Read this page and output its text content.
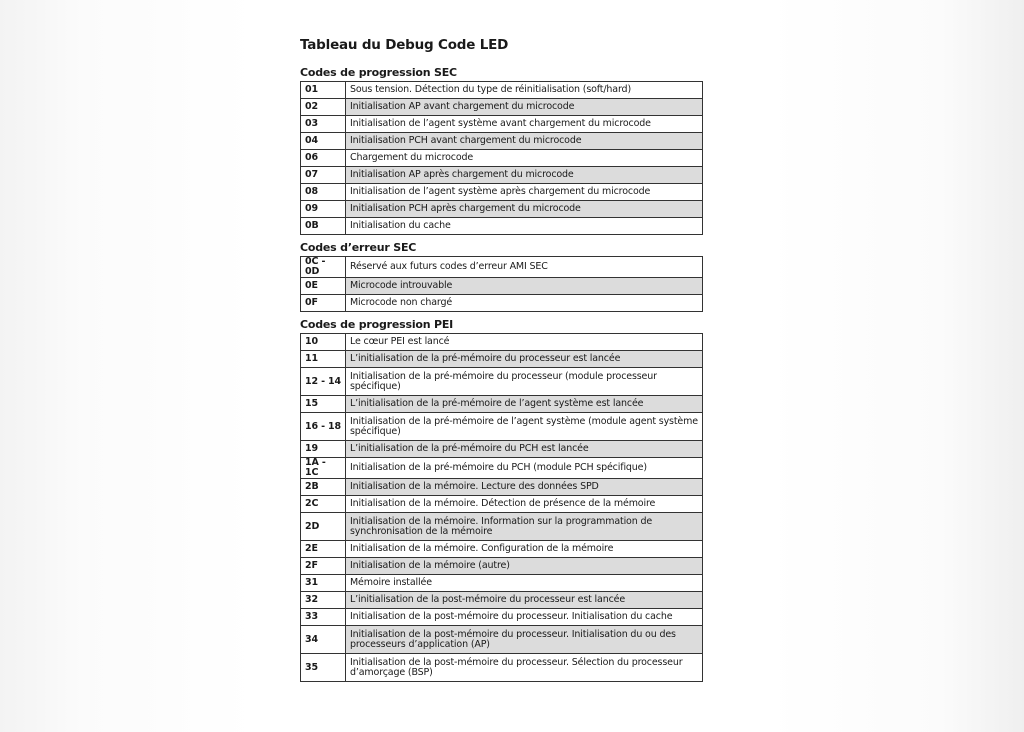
Tableau du Debug Code LED
Codes de progression SEC
01	Sous tension. Détection du type de réinitialisation (soft/hard)
02	Initialisation AP avant chargement du microcode
03	Initialisation de l’agent système avant chargement du microcode
04	Initialisation PCH avant chargement du microcode
06	Chargement du microcode
07	Initialisation AP après chargement du microcode
08	Initialisation de l’agent système après chargement du microcode
09	Initialisation PCH après chargement du microcode
0B	Initialisation du cache
Codes d’erreur SEC
0C - 0D	Réservé aux futurs codes d’erreur AMI SEC
0E	Microcode introuvable
0F	Microcode non chargé
Codes de progression PEI
10	Le cœur PEI est lancé
11	L’initialisation de la pré-mémoire du processeur est lancée
12 - 14	Initialisation de la pré-mémoire du processeur (module processeur spécifique)
15	L’initialisation de la pré-mémoire de l’agent système est lancée
16 - 18	Initialisation de la pré-mémoire de l’agent système (module agent système spécifique)
19	L’initialisation de la pré-mémoire du PCH est lancée
1A - 1C	Initialisation de la pré-mémoire du PCH (module PCH spécifique)
2B	Initialisation de la mémoire. Lecture des données SPD
2C	Initialisation de la mémoire. Détection de présence de la mémoire
2D	Initialisation de la mémoire. Information sur la programmation de synchronisation de la mémoire
2E	Initialisation de la mémoire. Configuration de la mémoire
2F	Initialisation de la mémoire (autre)
31	Mémoire installée
32	L’initialisation de la post-mémoire du processeur est lancée
33	Initialisation de la post-mémoire du processeur. Initialisation du cache
34	Initialisation de la post-mémoire du processeur. Initialisation du ou des processeurs d’application (AP)
35	Initialisation de la post-mémoire du processeur. Sélection du processeur d’amorçage (BSP)
